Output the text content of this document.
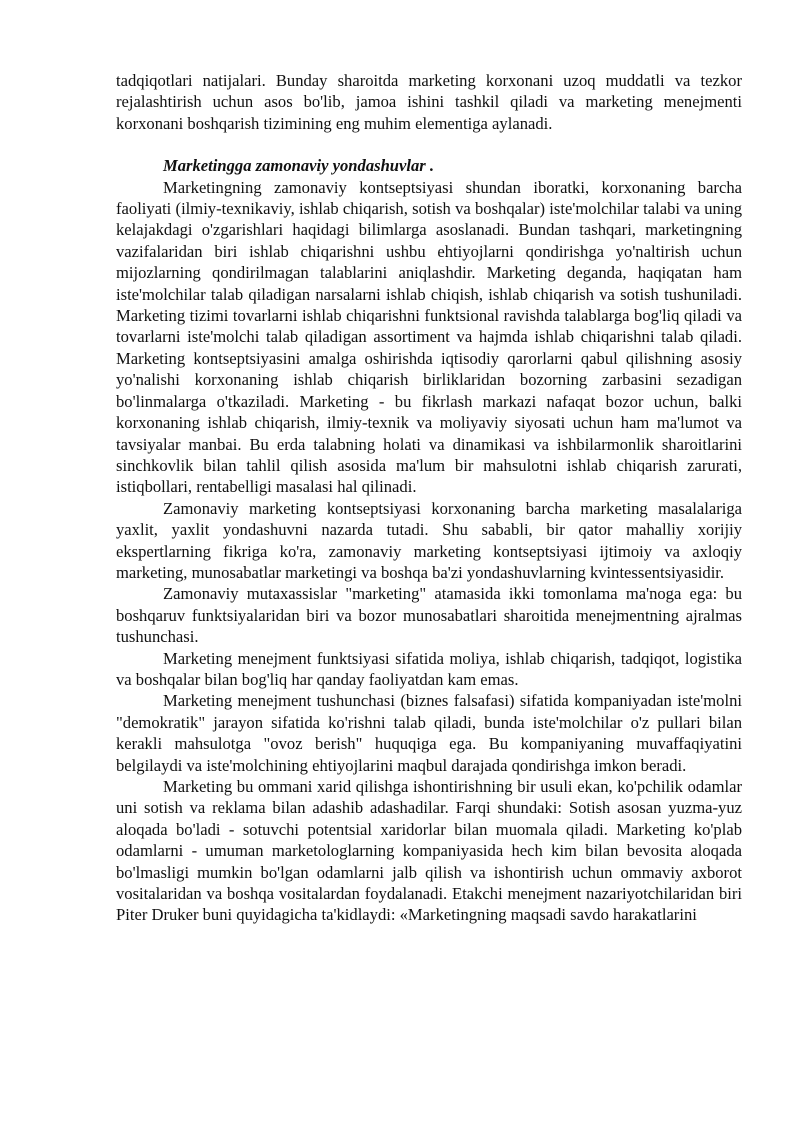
tadqiqotlari natijalari. Bunday sharoitda marketing korxonani uzoq muddatli va tezkor rejalashtirish uchun asos bo'lib, jamoa ishini tashkil qiladi va marketing menejmenti korxonani boshqarish tizimining eng muhim elementiga aylanadi.

Marketingga zamonaviy yondashuvlar .

Marketingning zamonaviy kontseptsiyasi shundan iboratki, korxonaning barcha faoliyati (ilmiy-texnikaviy, ishlab chiqarish, sotish va boshqalar) iste'molchilar talabi va uning kelajakdagi o'zgarishlari haqidagi bilimlarga asoslanadi. Bundan tashqari, marketingning vazifalaridan biri ishlab chiqarishni ushbu ehtiyojlarni qondirishga yo'naltirish uchun mijozlarning qondirilmagan talablarini aniqlashdir. Marketing deganda, haqiqatan ham iste'molchilar talab qiladigan narsalarni ishlab chiqish, ishlab chiqarish va sotish tushuniladi. Marketing tizimi tovarlarni ishlab chiqarishni funktsional ravishda talablarga bog'liq qiladi va tovarlarni iste'molchi talab qiladigan assortiment va hajmda ishlab chiqarishni talab qiladi. Marketing kontseptsiyasini amalga oshirishda iqtisodiy qarorlarni qabul qilishning asosiy yo'nalishi korxonaning ishlab chiqarish birliklaridan bozorning zarbasini sezadigan bo'linmalarga o'tkaziladi. Marketing - bu fikrlash markazi nafaqat bozor uchun, balki korxonaning ishlab chiqarish, ilmiy-texnik va moliyaviy siyosati uchun ham ma'lumot va tavsiyalar manbai. Bu erda talabning holati va dinamikasi va ishbilarmonlik sharoitlarini sinchkovlik bilan tahlil qilish asosida ma'lum bir mahsulotni ishlab chiqarish zarurati, istiqbollari, rentabelligi masalasi hal qilinadi.

Zamonaviy marketing kontseptsiyasi korxonaning barcha marketing masalalariga yaxlit, yaxlit yondashuvni nazarda tutadi. Shu sababli, bir qator mahalliy xorijiy ekspertlarning fikriga ko'ra, zamonaviy marketing kontseptsiyasi ijtimoiy va axloqiy marketing, munosabatlar marketingi va boshqa ba'zi yondashuvlarning kvintessentsiyasidir.

Zamonaviy mutaxassislar "marketing" atamasida ikki tomonlama ma'noga ega: bu boshqaruv funktsiyalaridan biri va bozor munosabatlari sharoitida menejmentning ajralmas tushunchasi.

Marketing menejment funktsiyasi sifatida moliya, ishlab chiqarish, tadqiqot, logistika va boshqalar bilan bog'liq har qanday faoliyatdan kam emas.

Marketing menejment tushunchasi (biznes falsafasi) sifatida kompaniyadan iste'molni "demokratik" jarayon sifatida ko'rishni talab qiladi, bunda iste'molchilar o'z pullari bilan kerakli mahsulotga "ovoz berish" huquqiga ega. Bu kompaniyaning muvaffaqiyatini belgilaydi va iste'molchining ehtiyojlarini maqbul darajada qondirishga imkon beradi.

Marketing bu ommani xarid qilishga ishontirishning bir usuli ekan, ko'pchilik odamlar uni sotish va reklama bilan adashib adashadilar. Farqi shundaki: Sotish asosan yuzma-yuz aloqada bo'ladi - sotuvchi potentsial xaridorlar bilan muomala qiladi. Marketing ko'plab odamlarni - umuman marketologlarning kompaniyasida hech kim bilan bevosita aloqada bo'lmasligi mumkin bo'lgan odamlarni jalb qilish va ishontirish uchun ommaviy axborot vositalaridan va boshqa vositalardan foydalanadi. Etakchi menejment nazariyotchilaridan biri Piter Druker buni quyidagicha ta'kidlaydi: «Marketingning maqsadi savdo harakatlarini
